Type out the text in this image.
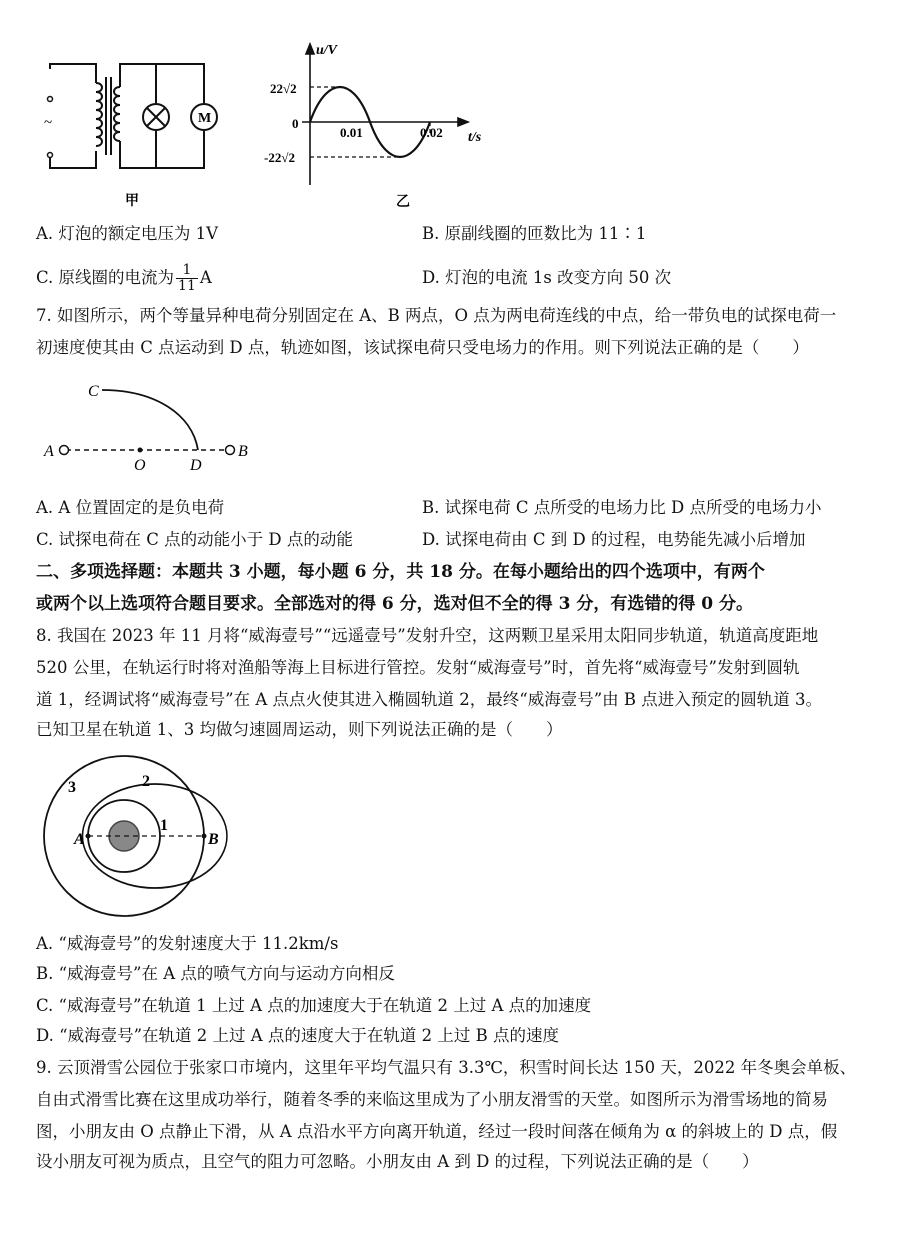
~	M
甲
u/V
22√2
0
-22√2
0.01	0.02 t/s
乙
A. 灯泡的额定电压为 1V	B. 原副线圈的匝数比为 11∶1
C. 原线圈的电流为 $\frac{1}{11}$ A	D. 灯泡的电流 1s 改变方向 50 次
7. 如图所示，两个等量异种电荷分别固定在 A、B 两点，O 点为两电荷连线的中点，给一带负电的试探电荷一
初速度使其由 C 点运动到 D 点，轨迹如图，该试探电荷只受电场力的作用。则下列说法正确的是（　　）
C
A
O	D
B
A. A 位置固定的是负电荷	B. 试探电荷 C 点所受的电场力比 D 点所受的电场力小
C. 试探电荷在 C 点的动能小于 D 点的动能	D. 试探电荷由 C 到 D 的过程，电势能先减小后增加
二、多项选择题：本题共 3 小题，每小题 6 分，共 18 分。在每小题给出的四个选项中，有两个
或两个以上选项符合题目要求。全部选对的得 6 分，选对但不全的得 3 分，有选错的得 0 分。
8. 我国在 2023 年 11 月将“威海壹号”“远遥壹号”发射升空，这两颗卫星采用太阳同步轨道，轨道高度距地
520 公里，在轨运行时将对渔船等海上目标进行管控。发射“威海壹号”时，首先将“威海壹号”发射到圆轨
道 1，经调试将“威海壹号”在 A 点点火使其进入椭圆轨道 2，最终“威海壹号”由 B 点进入预定的圆轨道 3。
已知卫星在轨道 1、3 均做匀速圆周运动，则下列说法正确的是（　　）
3	2
1
A	B
A. “威海壹号”的发射速度大于 11.2km/s
B. “威海壹号”在 A 点的喷气方向与运动方向相反
C. “威海壹号”在轨道 1 上过 A 点的加速度大于在轨道 2 上过 A 点的加速度
D. “威海壹号”在轨道 2 上过 A 点的速度大于在轨道 2 上过 B 点的速度
9. 云顶滑雪公园位于张家口市境内，这里年平均气温只有 3.3℃，积雪时间长达 150 天，2022 年冬奥会单板、
自由式滑雪比赛在这里成功举行，随着冬季的来临这里成为了小朋友滑雪的天堂。如图所示为滑雪场地的简易
图，小朋友由 O 点静止下滑，从 A 点沿水平方向离开轨道，经过一段时间落在倾角为 α 的斜坡上的 D 点，假
设小朋友可视为质点，且空气的阻力可忽略。小朋友由 A 到 D 的过程，下列说法正确的是（　　）
